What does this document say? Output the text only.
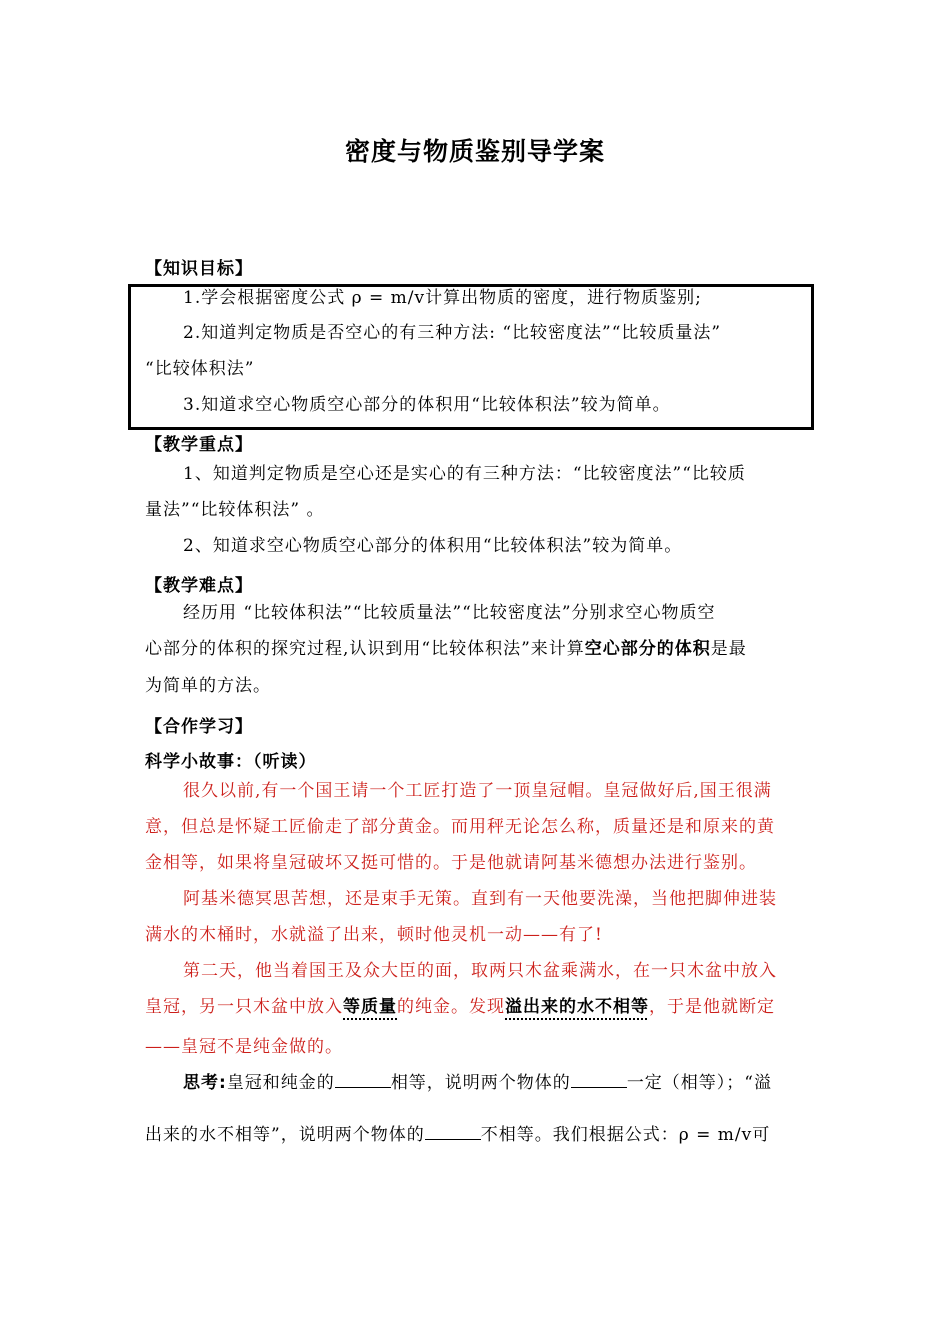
密度与物质鉴别导学案
【知识目标】
1.学会根据密度公式 ρ = m/v计算出物质的密度，进行物质鉴别;
2.知道判定物质是否空心的有三种方法: “比较密度法”“比较质量法”
“比较体积法”
3.知道求空心物质空心部分的体积用“比较体积法”较为简单。
【教学重点】
1、知道判定物质是空心还是实心的有三种方法：“比较密度法”“比较质
量法”“比较体积法” 。
2、知道求空心物质空心部分的体积用“比较体积法”较为简单。
【教学难点】
经历用 “比较体积法”“比较质量法”“比较密度法”分别求空心物质空
心部分的体积的探究过程,认识到用“比较体积法”来计算空心部分的体积是最
为简单的方法。
【合作学习】
科学小故事：（听读）
很久以前,有一个国王请一个工匠打造了一顶皇冠帽。皇冠做好后,国王很满
意，但总是怀疑工匠偷走了部分黄金。而用秤无论怎么称，质量还是和原来的黄
金相等，如果将皇冠破坏又挺可惜的。于是他就请阿基米德想办法进行鉴别。
阿基米德冥思苦想，还是束手无策。直到有一天他要洗澡，当他把脚伸进装
满水的木桶时，水就溢了出来，顿时他灵机一动——有了!
第二天，他当着国王及众大臣的面，取两只木盆乘满水，在一只木盆中放入
皇冠，另一只木盆中放入等质量的纯金。发现溢出来的水不相等，于是他就断定
——皇冠不是纯金做的。
思考:皇冠和纯金的	相等，说明两个物体的	一定（相等）；“溢
出来的水不相等”，说明两个物体的	不相等。我们根据公式：ρ = m/v可
